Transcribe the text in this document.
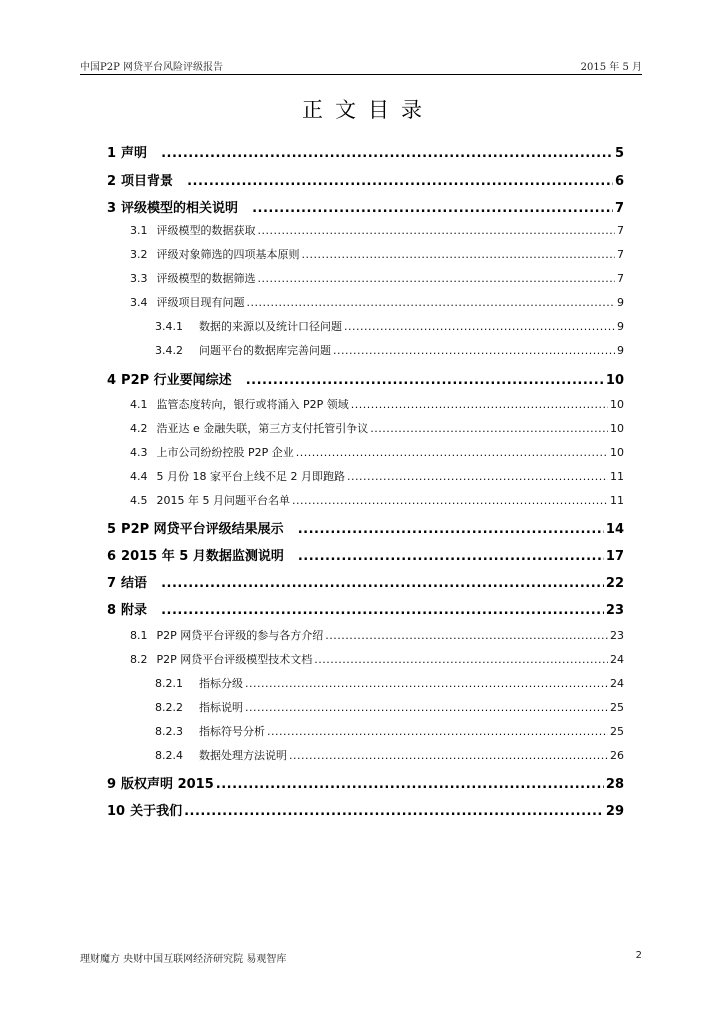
中国P2P 网贷平台风险评级报告	2015 年 5 月
正文目录
1 声明 .....	5
2 项目背景 .....	6
3 评级模型的相关说明 .....	7
3.1 评级模型的数据获取 .....	7
3.2 评级对象筛选的四项基本原则 .....	7
3.3 评级模型的数据筛选 .....	7
3.4 评级项目现有问题 .....	9
3.4.1	数据的来源以及统计口径问题 .....	9
3.4.2	问题平台的数据库完善问题 .....	9
4 P2P 行业要闻综述 .....	10
4.1 监管态度转向，银行或将涌入 P2P 领域 .....	10
4.2 浩亚达 e 金融失联，第三方支付托管引争议 .....	10
4.3 上市公司纷纷控股 P2P 企业 .....	10
4.4 5 月份 18 家平台上线不足 2 月即跑路 .....	11
4.5 2015 年 5 月问题平台名单 .....	11
5 P2P 网贷平台评级结果展示 .....	14
6 2015 年 5 月数据监测说明 .....	17
7 结语 .....	22
8 附录 .....	23
8.1 P2P 网贷平台评级的参与各方介绍 .....	23
8.2 P2P 网贷平台评级模型技术文档 .....	24
8.2.1	指标分级 .....	24
8.2.2	指标说明 .....	25
8.2.3	指标符号分析 .....	25
8.2.4	数据处理方法说明 .....	26
9 版权声明 2015 .....	28
10 关于我们 .....	29
理财魔方 央财中国互联网经济研究院 易观智库	2
